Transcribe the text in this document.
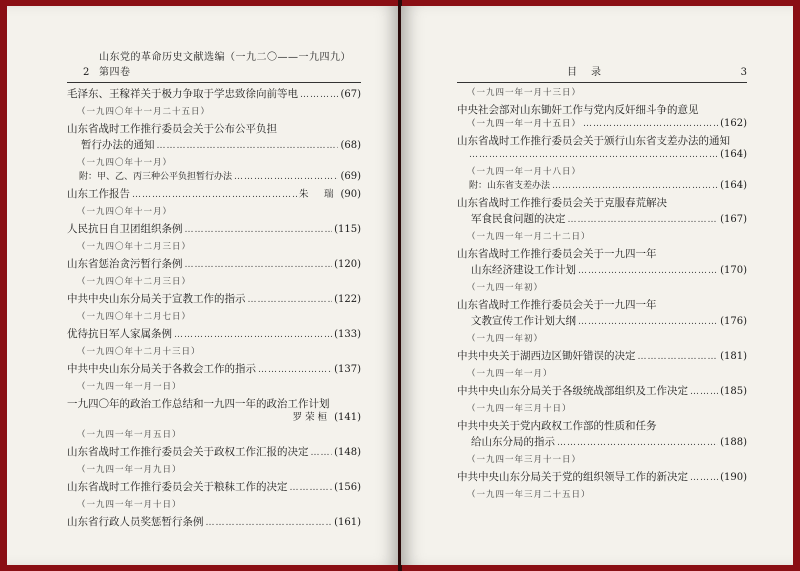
2
山东党的革命历史文献选编（一九二〇——一九四九）第四卷
毛泽东、王稼祥关于极力争取于学忠致徐向前等电 ……………………………………………………………………………………………………………………………………………………	(67)
（一九四〇年十一月二十五日）
山东省战时工作推行委员会关于公布公平负担
暂行办法的通知 ……………………………………………………………………………………………………………………………………………………	(68)
（一九四〇年十一月）
附：甲、乙、丙三种公平负担暂行办法 ……………………………………………………………………………………………………………………………………………………	(69)
山东工作报告 ……………………………………………………………………………………………………………………………………………………	朱　瑞 (90)
（一九四〇年十一月）
人民抗日自卫团组织条例 ……………………………………………………………………………………………………………………………………………………	(115)
（一九四〇年十二月三日）
山东省惩治贪污暂行条例 ……………………………………………………………………………………………………………………………………………………	(120)
（一九四〇年十二月三日）
中共中央山东分局关于宣教工作的指示 ……………………………………………………………………………………………………………………………………………………	(122)
（一九四〇年十二月七日）
优待抗日军人家属条例 ……………………………………………………………………………………………………………………………………………………	(133)
（一九四〇年十二月十三日）
中共中央山东分局关于各救会工作的指示 ……………………………………………………………………………………………………………………………………………………	(137)
（一九四一年一月一日）
一九四〇年的政治工作总结和一九四一年的政治工作计划
罗荣桓 (141)
（一九四一年一月五日）
山东省战时工作推行委员会关于政权工作汇报的决定 ……………………………………………………………………………………………………………………………………………………	(148)
（一九四一年一月九日）
山东省战时工作推行委员会关于粮秣工作的决定 ……………………………………………………………………………………………………………………………………………………	(156)
（一九四一年一月十日）
山东省行政人员奖惩暂行条例 ……………………………………………………………………………………………………………………………………………………	(161)
目录	3
（一九四一年一月十三日）
中央社会部对山东锄奸工作与党内反奸细斗争的意见
（一九四一年一月十五日） ……………………………………………………………………………………………………………………………………………………	(162)
山东省战时工作推行委员会关于颁行山东省支差办法的通知
……………………………………………………………………………………………………………………………………………………
(164)
（一九四一年一月十八日）
附：山东省支差办法 ……………………………………………………………………………………………………………………………………………………	(164)
山东省战时工作推行委员会关于克服春荒解决
军食民食问题的决定 ……………………………………………………………………………………………………………………………………………………	(167)
（一九四一年一月二十二日）
山东省战时工作推行委员会关于一九四一年
山东经济建设工作计划 ……………………………………………………………………………………………………………………………………………………	(170)
（一九四一年初）
山东省战时工作推行委员会关于一九四一年
文教宣传工作计划大纲 ……………………………………………………………………………………………………………………………………………………	(176)
（一九四一年初）
中共中央关于湖西边区锄奸错误的决定 ……………………………………………………………………………………………………………………………………………………	(181)
（一九四一年一月）
中共中央山东分局关于各级统战部组织及工作决定 ……………………………………………………………………………………………………………………………………………………	(185)
（一九四一年三月十日）
中共中央关于党内政权工作部的性质和任务
给山东分局的指示 ……………………………………………………………………………………………………………………………………………………	(188)
（一九四一年三月十一日）
中共中央山东分局关于党的组织领导工作的新决定 ……………………………………………………………………………………………………………………………………………………	(190)
（一九四一年三月二十五日）
